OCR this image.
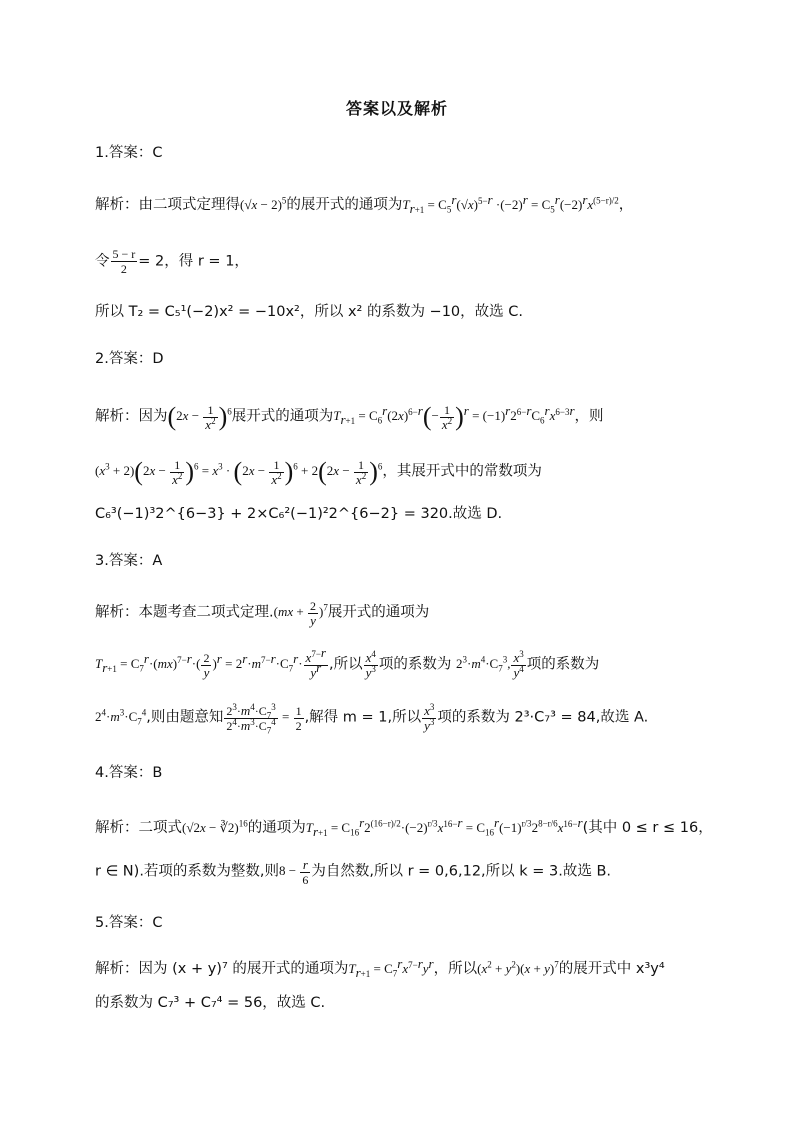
答案以及解析
1.答案：C
解析：由二项式定理得$(√x - 2)^5$的展开式的通项为$T_{r+1} = C_5^r(√x)^{5-r} \cdot(-2)^r = C_5^r(-2)^rx^{(5-r)/2}$，
令 $\frac{5 - r}{2} = 2$，得 r = 1，
所以 T₂ = C₅¹(−2)x² = −10x²，所以 x² 的系数为 −10，故选 C.
2.答案：D
解析：因为$(2x - \frac{1}{x^2} )^6$展开式的通项为$T_{r+1} = C_6^r(2x)^{6-r}(- \frac{1}{x^2} )^r = (-1)^r2^{6-r}C_6^rx^{6-3r}$，则
$(x^3 + 2)(2x - \frac{1}{x^2} )^6 = x^3 \cdot (2x - \frac{1}{x^2} )^6 + 2(2x - \frac{1}{x^2} )^6$，其展开式中的常数项为
C₆³(−1)³2^{6−3} + 2×C₆²(−1)²2^{6−2} = 320.故选 D.
3.答案：A
解析：本题考查二项式定理$.(mx + \frac{2}{y} )^7$展开式的通项为
$T_{r+1} = C_7^r\cdot(mx)^{7-r}\cdot( \frac{2}{y} )^r = 2^r\cdot m^{7-r}\cdot C_7^r\cdot \frac{x^{7-r}}{y^r}$ ,所以 $\frac{x^4}{y^3}$ 项的系数为 $2^3\cdot m^4\cdot C_7^3$, $\frac{x^3}{y^4}$ 项的系数为
$2^4\cdot m^3\cdot C_7^4$,则由题意知 $\frac{2^3\cdot m^4\cdot C_7^3}{2^4\cdot m^3\cdot C_7^4} = \frac{1}{2}$ ,解得 m = 1,所以 $\frac{x^3}{y^3}$ 项的系数为 2³·C₇³ = 84,故选 A.
4.答案：B
解析：二项式(√2x − ∛2)$^{16}$的通项为$T_{r+1} = C_{16}^r2^{(16-r)/2}\cdot(-2)^{r/3}x^{16-r} = C_{16}^r(-1)^{r/3}2^{8-r/6}x^{16-r}$(其中 0 ≤ r ≤ 16，
r ∈ N).若项的系数为整数,则$8 - \frac{r}{6}$ 为自然数,所以 r = 0,6,12,所以 k = 3.故选 B.
5.答案：C
解析：因为 (x + y)⁷ 的展开式的通项为$T_{r+1} = C_7^rx^{7-r}y^r$，所以$(x^2 + y^2)(x + y)^7$的展开式中 x³y⁴
的系数为 C₇³ + C₇⁴ = 56，故选 C.
